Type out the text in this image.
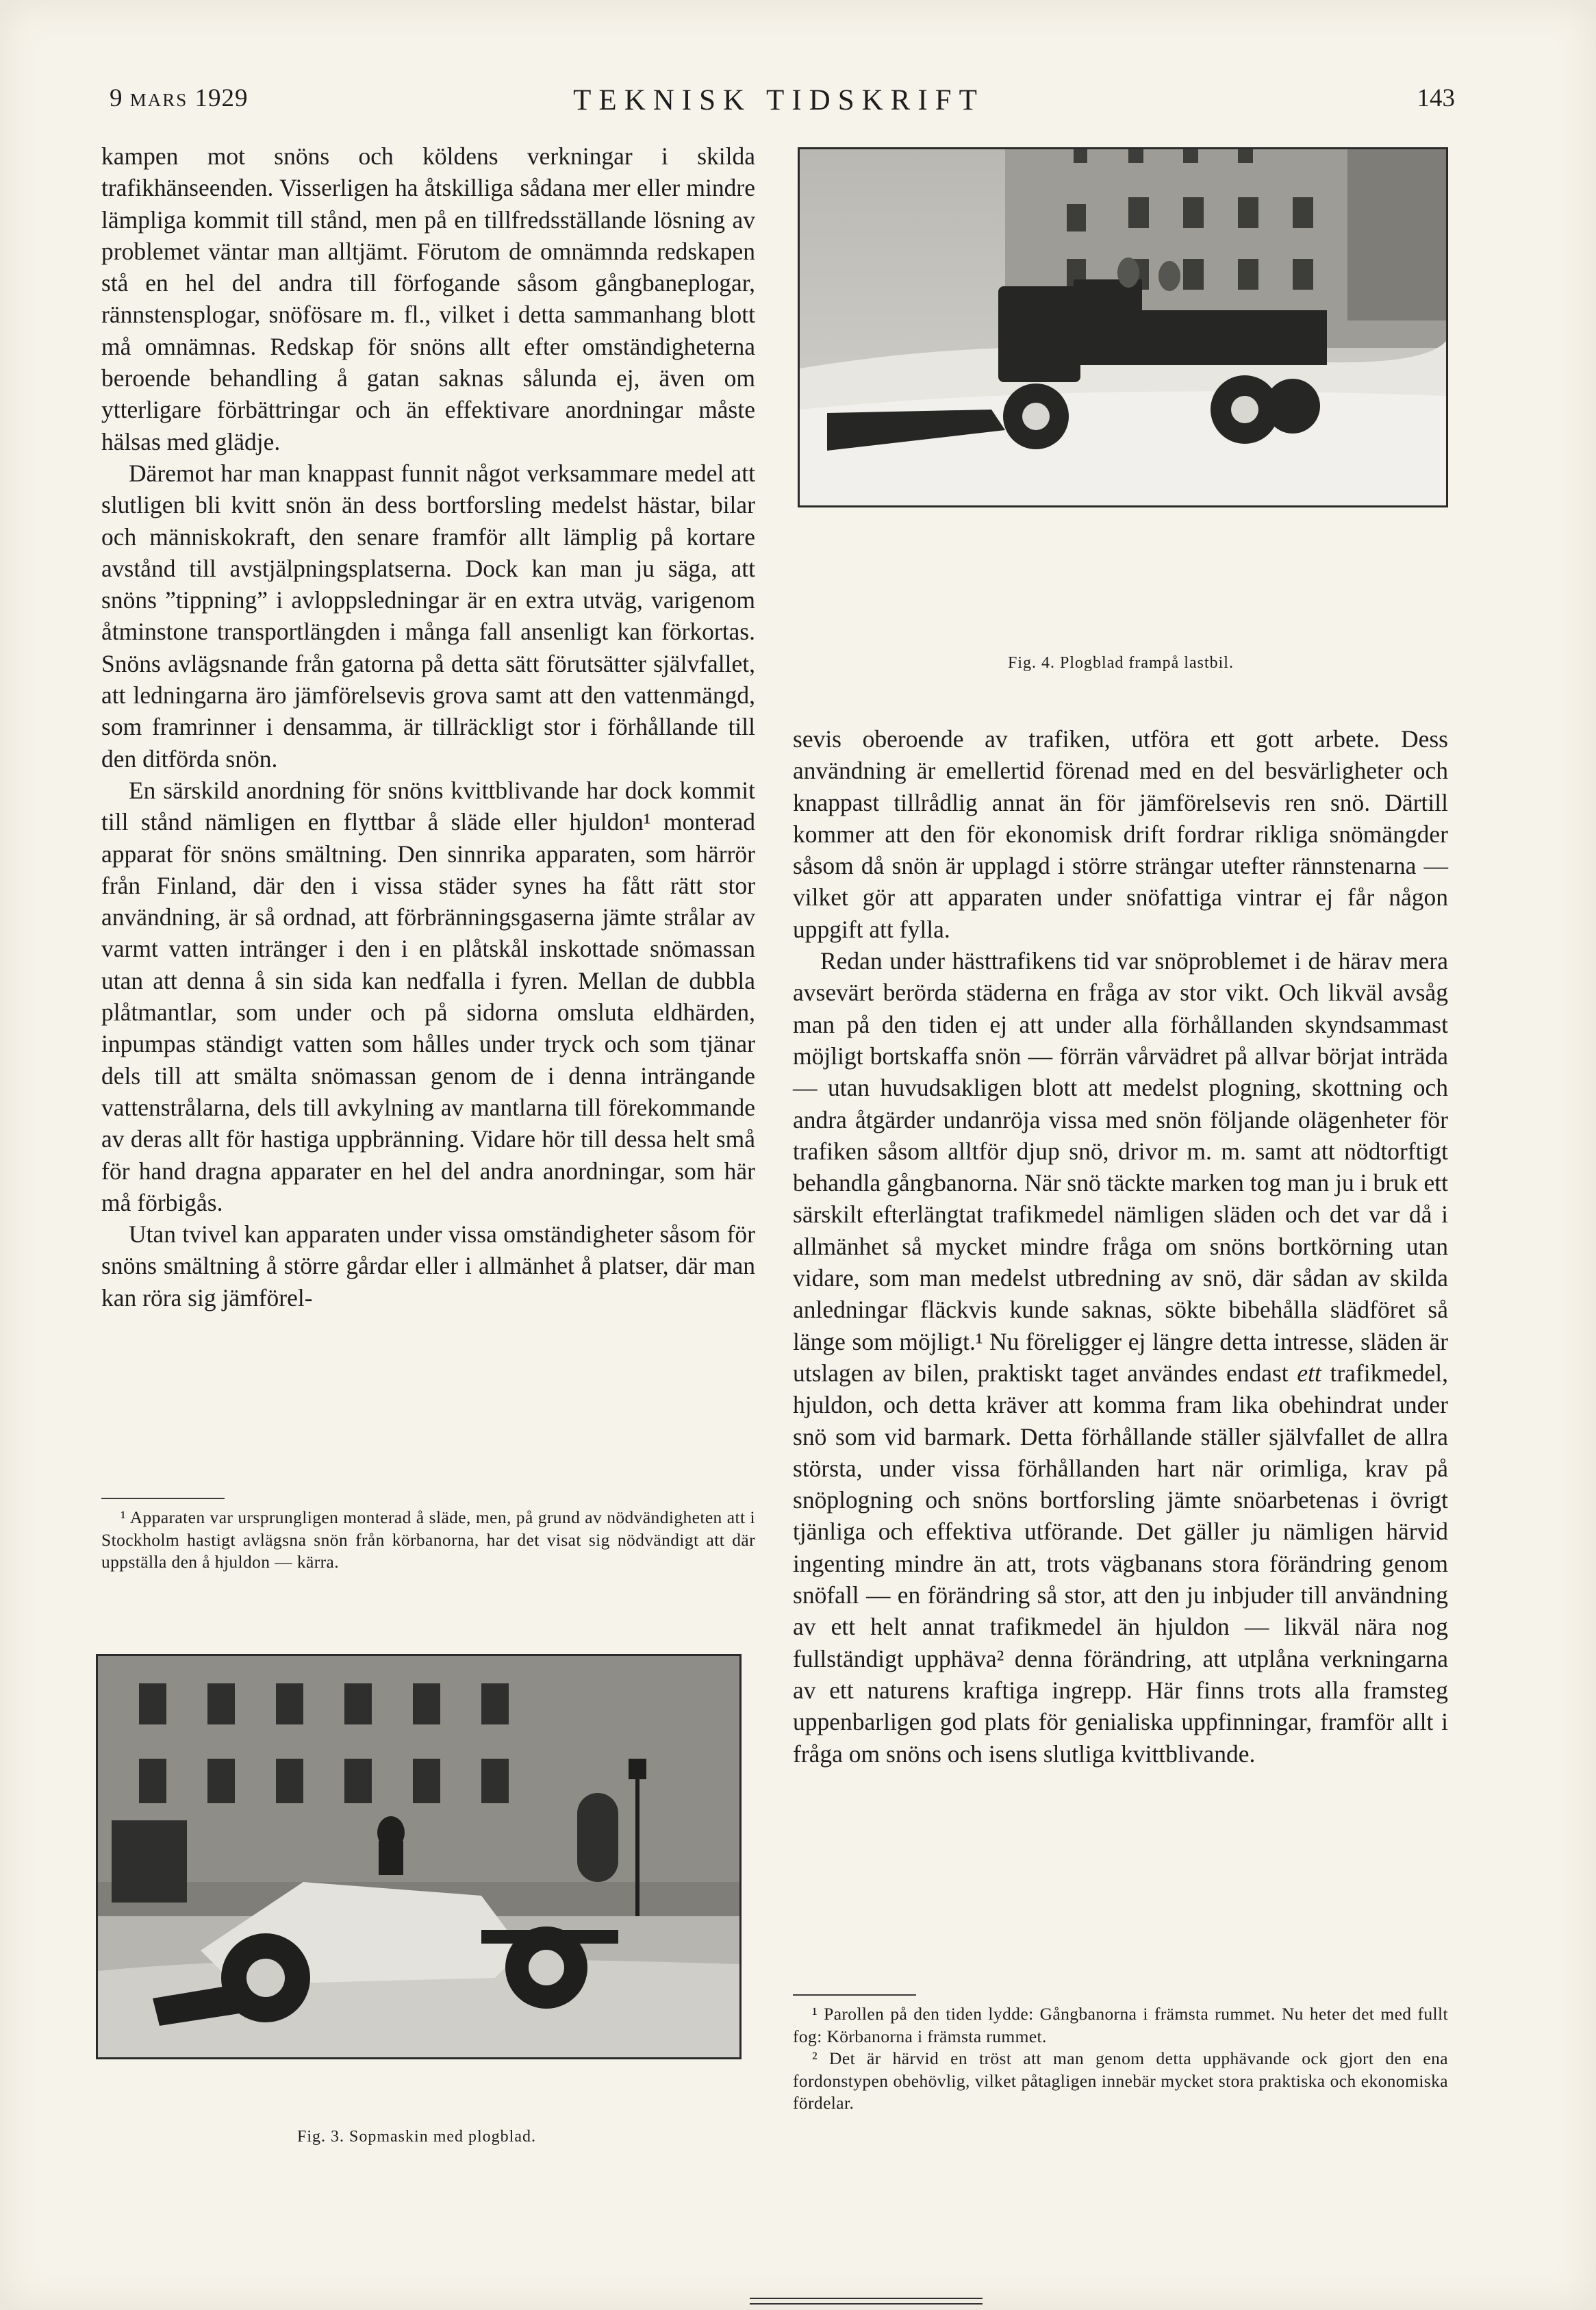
9 MARS 1929	TEKNISK TIDSKRIFT	143

kampen mot snöns och köldens verkningar i skilda trafikhänseenden. Visserligen ha åtskilliga sådana mer eller mindre lämpliga kommit till stånd, men på en tillfredsställande lösning av problemet väntar man alltjämt. Förutom de omnämnda redskapen stå en hel del andra till förfogande såsom gångbaneplogar, rännstensplogar, snöfösare m. fl., vilket i detta sammanhang blott må omnämnas. Redskap för snöns allt efter omständigheterna beroende behandling å gatan saknas sålunda ej, även om ytterligare förbättringar och än effektivare anordningar måste hälsas med glädje.

Däremot har man knappast funnit något verksammare medel att slutligen bli kvitt snön än dess bortforsling medelst hästar, bilar och människokraft, den senare framför allt lämplig på kortare avstånd till avstjälpningsplatserna. Dock kan man ju säga, att snöns ”tippning” i avloppsledningar är en extra utväg, varigenom åtminstone transportlängden i många fall ansenligt kan förkortas. Snöns avlägsnande från gatorna på detta sätt förutsätter självfallet, att ledningarna äro jämförelsevis grova samt att den vattenmängd, som framrinner i densamma, är tillräckligt stor i förhållande till den ditförda snön.

En särskild anordning för snöns kvittblivande har dock kommit till stånd nämligen en flyttbar å släde eller hjuldon¹ monterad apparat för snöns smältning. Den sinnrika apparaten, som härrör från Finland, där den i vissa städer synes ha fått rätt stor användning, är så ordnad, att förbränningsgaserna jämte strålar av varmt vatten intränger i den i en plåtskål inskottade snömassan utan att denna å sin sida kan nedfalla i fyren. Mellan de dubbla plåtmantlar, som under och på sidorna omsluta eldhärden, inpumpas ständigt vatten som hålles under tryck och som tjänar dels till att smälta snömassan genom de i denna inträngande vattenstrålarna, dels till avkylning av mantlarna till förekommande av deras allt för hastiga uppbränning. Vidare hör till dessa helt små för hand dragna apparater en hel del andra anordningar, som här må förbigås.

Utan tvivel kan apparaten under vissa omständigheter såsom för snöns smältning å större gårdar eller i allmänhet å platser, där man kan röra sig jämförel-

¹ Apparaten var ursprungligen monterad å släde, men, på grund av nödvändigheten att i Stockholm hastigt avlägsna snön från körbanorna, har det visat sig nödvändigt att där uppställa den å hjuldon — kärra.

Fig. 4. Plogblad frampå lastbil.

sevis oberoende av trafiken, utföra ett gott arbete. Dess användning är emellertid förenad med en del besvärligheter och knappast tillrådlig annat än för jämförelsevis ren snö. Därtill kommer att den för ekonomisk drift fordrar rikliga snömängder såsom då snön är upplagd i större strängar utefter rännstenarna — vilket gör att apparaten under snöfattiga vintrar ej får någon uppgift att fylla.

Redan under hästtrafikens tid var snöproblemet i de härav mera avsevärt berörda städerna en fråga av stor vikt. Och likväl avsåg man på den tiden ej att under alla förhållanden skyndsammast möjligt bortskaffa snön — förrän vårvädret på allvar börjat inträda — utan huvudsakligen blott att medelst plogning, skottning och andra åtgärder undanröja vissa med snön följande olägenheter för trafiken såsom alltför djup snö, drivor m. m. samt att nödtorftigt behandla gångbanorna. När snö täckte marken tog man ju i bruk ett särskilt efterlängtat trafikmedel nämligen släden och det var då i allmänhet så mycket mindre fråga om snöns bortkörning utan vidare, som man medelst utbredning av snö, där sådan av skilda anledningar fläckvis kunde saknas, sökte bibehålla slädföret så länge som möjligt.¹ Nu föreligger ej längre detta intresse, släden är utslagen av bilen, praktiskt taget användes endast ett trafikmedel, hjuldon, och detta kräver att komma fram lika obehindrat under snö som vid barmark. Detta förhållande ställer självfallet de allra största, under vissa förhållanden hart när orimliga, krav på snöplogning och snöns bortforsling jämte snöarbetenas i övrigt tjänliga och effektiva utförande. Det gäller ju nämligen härvid ingenting mindre än att, trots vägbanans stora förändring genom snöfall — en förändring så stor, att den ju inbjuder till användning av ett helt annat trafikmedel än hjuldon — likväl nära nog fullständigt upphäva² denna förändring, att utplåna verkningarna av ett naturens kraftiga ingrepp. Här finns trots alla framsteg uppenbarligen god plats för genialiska uppfinningar, framför allt i fråga om snöns och isens slutliga kvittblivande.

¹ Parollen på den tiden lydde: Gångbanorna i främsta rummet. Nu heter det med fullt fog: Körbanorna i främsta rummet.

² Det är härvid en tröst att man genom detta upphävande ock gjort den ena fordonstypen obehövlig, vilket påtagligen innebär mycket stora praktiska och ekonomiska fördelar.

Fig. 3. Sopmaskin med plogblad.
